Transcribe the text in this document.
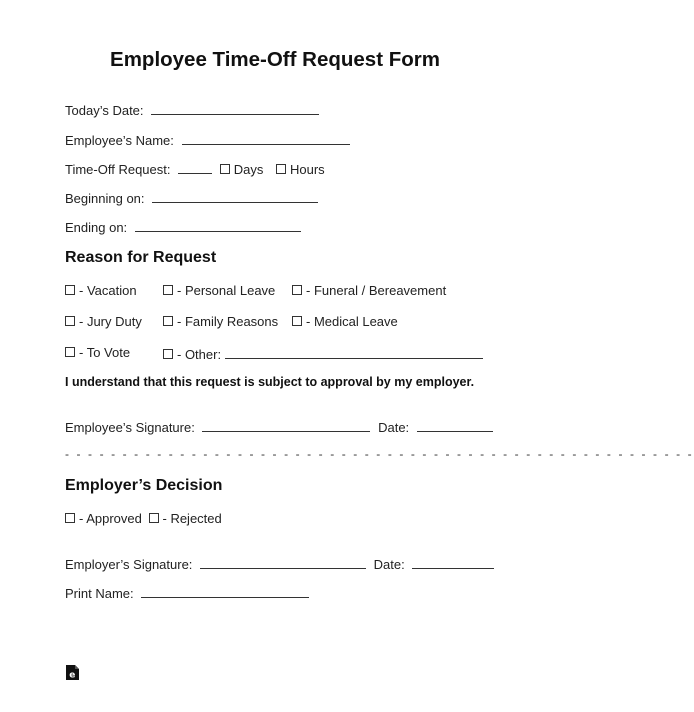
Employee Time-Off Request Form
Today’s Date:
Employee’s Name:
Time-Off Request:	Days Hours
Beginning on:
Ending on:
Reason for Request
- Vacation	- Personal Leave	- Funeral / Bereavement
- Jury Duty	- Family Reasons	- Medical Leave
- To Vote	- Other:
I understand that this request is subject to approval by my employer.
Employee’s Signature:	Date:
- - - - - - - - - - - - - - - - - - - - - - - - - - - - - - - - - - - - - - - - - - - - - - - - - - - - - - -
Employer’s Decision
- Approved - Rejected
Employer’s Signature:	Date:
Print Name:
e
